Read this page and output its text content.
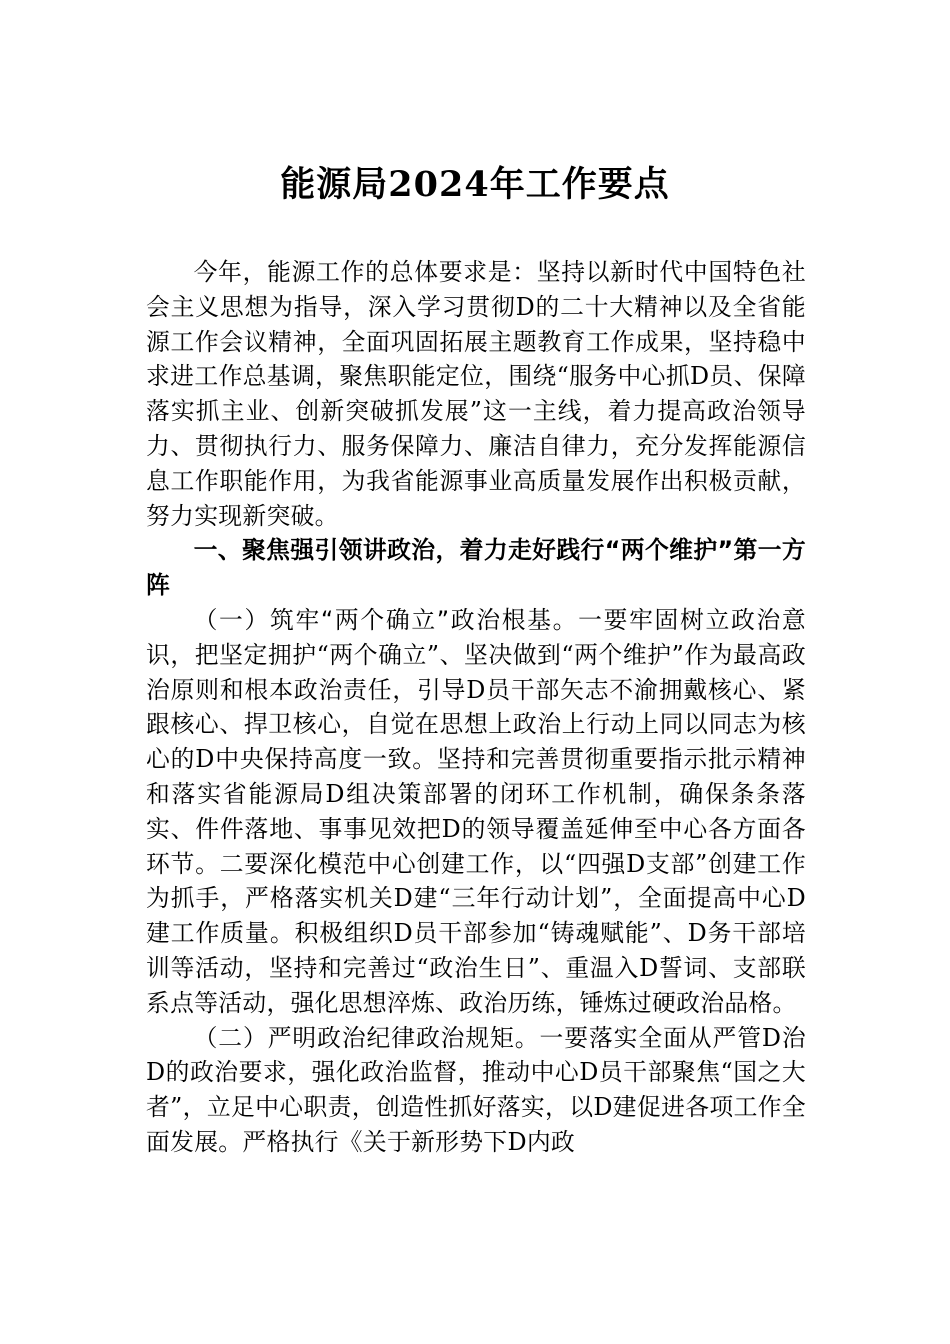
能源局2024年工作要点

今年，能源工作的总体要求是：坚持以新时代中国特色社会主义思想为指导，深入学习贯彻D的二十大精神以及全省能源工作会议精神，全面巩固拓展主题教育工作成果，坚持稳中求进工作总基调，聚焦职能定位，围绕“服务中心抓D员、保障落实抓主业、创新突破抓发展”这一主线，着力提高政治领导力、贯彻执行力、服务保障力、廉洁自律力，充分发挥能源信息工作职能作用，为我省能源事业高质量发展作出积极贡献，努力实现新突破。

一、聚焦强引领讲政治，着力走好践行“两个维护”第一方阵

（一）筑牢“两个确立”政治根基。一要牢固树立政治意识，把坚定拥护“两个确立”、坚决做到“两个维护”作为最高政治原则和根本政治责任，引导D员干部矢志不渝拥戴核心、紧跟核心、捍卫核心，自觉在思想上政治上行动上同以同志为核心的D中央保持高度一致。坚持和完善贯彻重要指示批示精神和落实省能源局D组决策部署的闭环工作机制，确保条条落实、件件落地、事事见效把D的领导覆盖延伸至中心各方面各环节。二要深化模范中心创建工作，以“四强D支部”创建工作为抓手，严格落实机关D建“三年行动计划”，全面提高中心D建工作质量。积极组织D员干部参加“铸魂赋能”、D务干部培训等活动，坚持和完善过“政治生日”、重温入D誓词、支部联系点等活动，强化思想淬炼、政治历练，锤炼过硬政治品格。

（二）严明政治纪律政治规矩。一要落实全面从严管D治D的政治要求，强化政治监督，推动中心D员干部聚焦“国之大者”，立足中心职责，创造性抓好落实，以D建促进各项工作全面发展。严格执行《关于新形势下D内政
